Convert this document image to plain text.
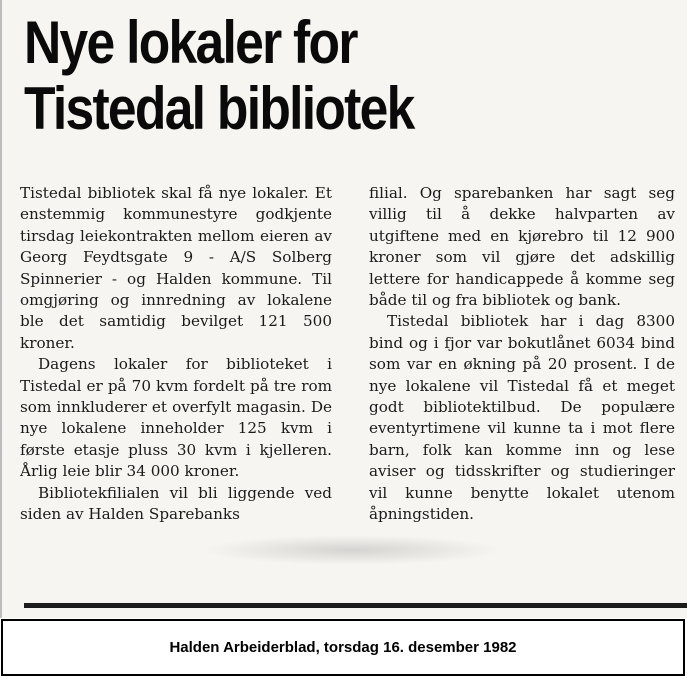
Nye lokaler for
Tistedal bibliotek

Tistedal bibliotek skal få nye lokaler. Et enstemmig kommunestyre godkjente tirsdag leiekontrakten mellom eieren av Georg Feydtsgate 9 - A/S Solberg Spinnerier - og Halden kommune. Til omgjøring og innredning av lokalene ble det samtidig bevilget 121 500 kroner.

Dagens lokaler for biblioteket i Tistedal er på 70 kvm fordelt på tre rom som innkluderer et overfylt magasin. De nye lokalene inneholder 125 kvm i første etasje pluss 30 kvm i kjelleren. Årlig leie blir 34 000 kroner.

Bibliotekfilialen vil bli liggende ved siden av Halden Sparebanks

filial. Og sparebanken har sagt seg villig til å dekke halvparten av utgiftene med en kjørebro til 12 900 kroner som vil gjøre det adskillig lettere for handicappede å komme seg både til og fra bibliotek og bank.

Tistedal bibliotek har i dag 8300 bind og i fjor var bokutlånet 6034 bind som var en økning på 20 prosent. I de nye lokalene vil Tistedal få et meget godt bibliotektilbud. De populære eventyrtimene vil kunne ta i mot flere barn, folk kan komme inn og lese aviser og tidsskrifter og studieringer vil kunne benytte lokalet utenom åpningstiden.

Halden Arbeiderblad, torsdag 16. desember 1982
